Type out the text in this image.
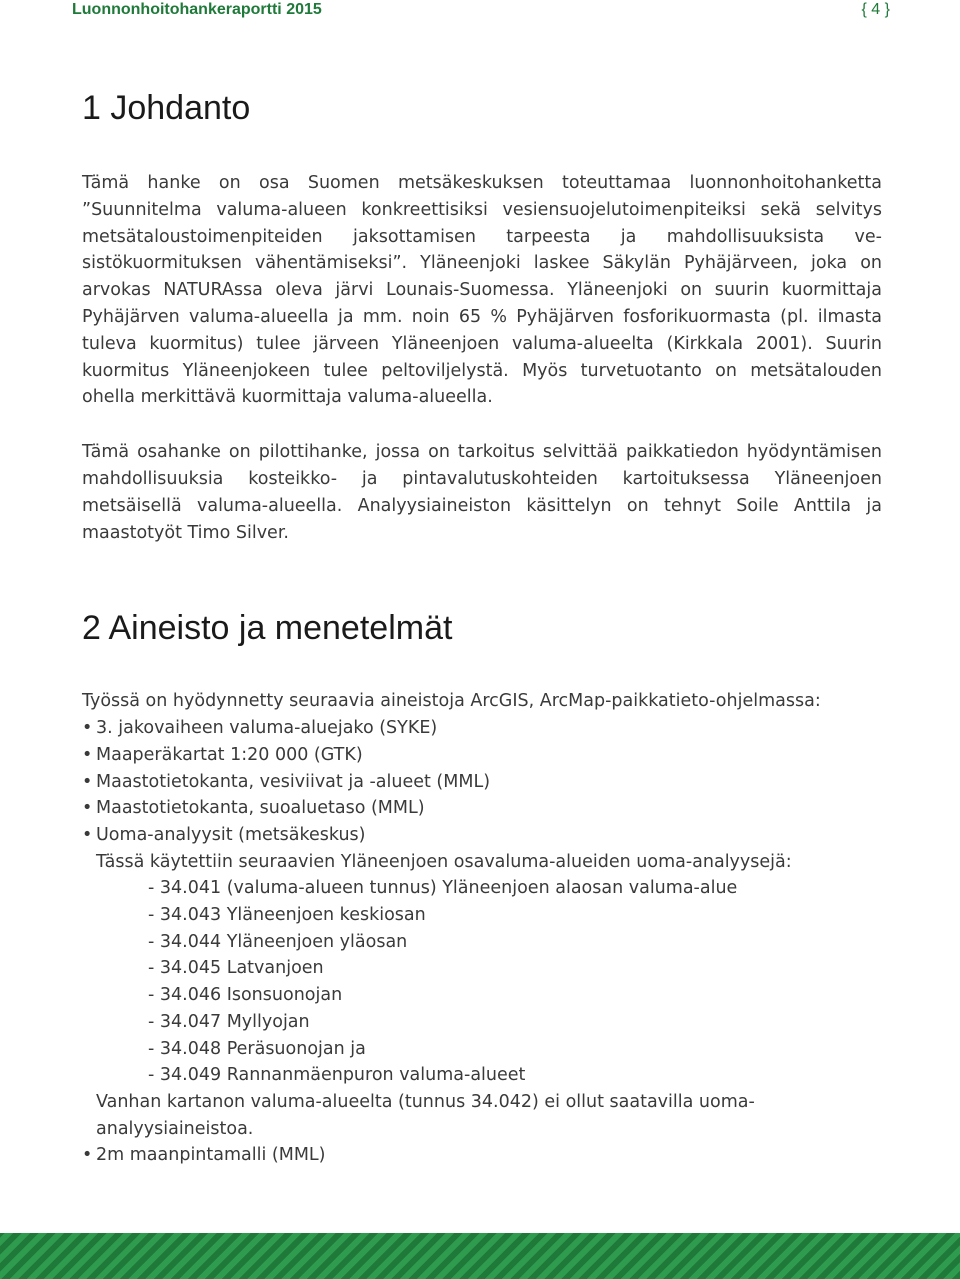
Luonnonhoitohankeraportti 2015	{ 4 }
1 Johdanto

Tämä hanke on osa Suomen metsäkeskuksen toteuttamaa luonnonhoitohanketta ”Suunnitelma valuma-alueen konkreettisiksi vesiensuojelutoimenpiteiksi sekä selvitys metsätaloustoimenpiteiden jaksottamisen tarpeesta ja mahdollisuuksista vesistökuormituksen vähentämiseksi”. Yläneenjoki laskee Säkylän Pyhäjärveen, joka on arvokas NATURAssa oleva järvi Lounais-Suomessa. Yläneenjoki on suurin kuormittaja Pyhäjärven valuma-alueella ja mm. noin 65 % Pyhäjärven fosforikuormasta (pl. ilmasta tuleva kuormitus) tulee järveen Yläneenjoen valuma-alueelta (Kirkkala 2001). Suurin kuormitus Yläneenjokeen tulee peltoviljelystä. Myös turvetuotanto on metsätalouden ohella merkittävä kuormittaja valuma-alueella.

Tämä osahanke on pilottihanke, jossa on tarkoitus selvittää paikkatiedon hyödyntämisen mahdollisuuksia kosteikko- ja pintavalutuskohteiden kartoituksessa Yläneenjoen metsäisellä valuma-alueella. Analyysiaineiston käsittelyn on tehnyt Soile Anttila ja maastotyöt Timo Silver.

2 Aineisto ja menetelmät

Työssä on hyödynnetty seuraavia aineistoja ArcGIS, ArcMap-paikkatieto-ohjelmassa:

• 3. jakovaiheen valuma-aluejako (SYKE)
• Maaperäkartat 1:20 000 (GTK)
• Maastotietokanta, vesiviivat ja -alueet (MML)
• Maastotietokanta, suoaluetaso (MML)
• Uoma-analyysit (metsäkeskus)
Tässä käytettiin seuraavien Yläneenjoen osavaluma-alueiden uoma-analyysejä:
- 34.041 (valuma-alueen tunnus) Yläneenjoen alaosan valuma-alue
- 34.043 Yläneenjoen keskiosan
- 34.044 Yläneenjoen yläosan
- 34.045 Latvanjoen
- 34.046 Isonsuonojan
- 34.047 Myllyojan
- 34.048 Peräsuonojan ja
- 34.049 Rannanmäenpuron valuma-alueet
Vanhan kartanon valuma-alueelta (tunnus 34.042) ei ollut saatavilla uoma-analyysiaineistoa.
• 2m maanpintamalli (MML)
